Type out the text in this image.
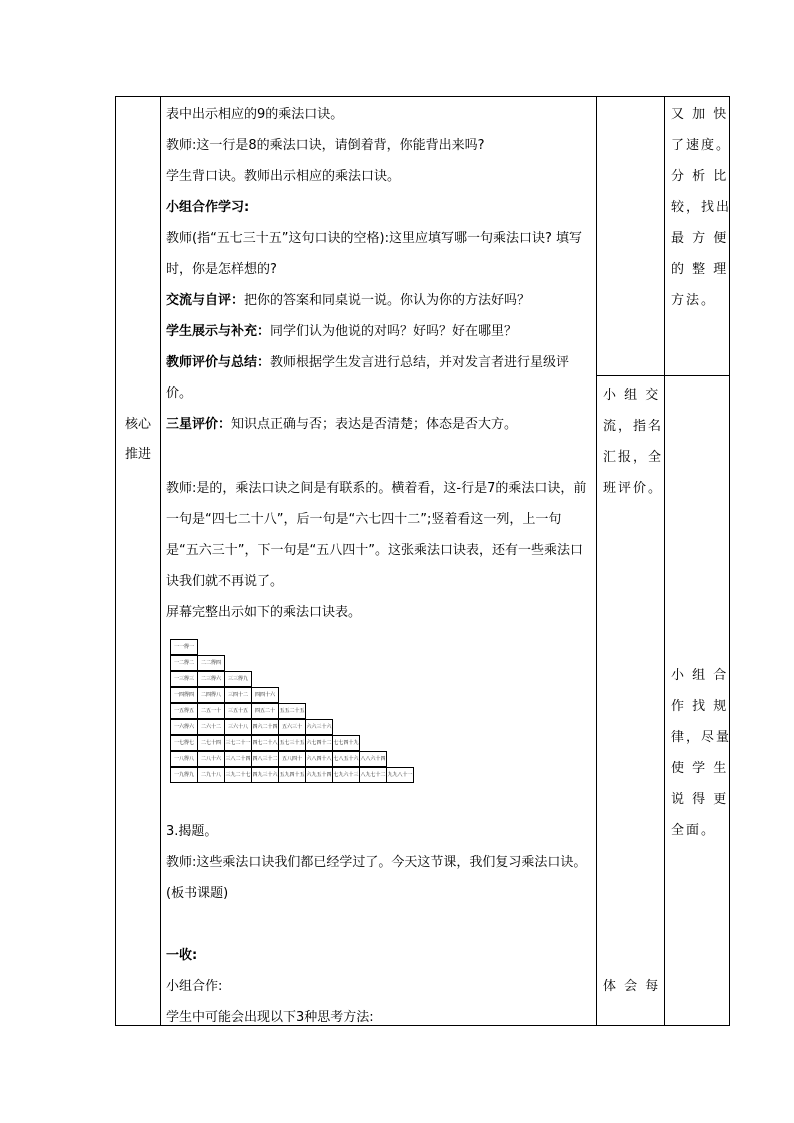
核心
推进
表中出示相应的9的乘法口诀。
教师:这一行是8的乘法口诀，请倒着背，你能背出来吗?
学生背口诀。教师出示相应的乘法口诀。
小组合作学习:
教师(指“五七三十五”这句口诀的空格):这里应填写哪一句乘法口诀? 填写时，你是怎样想的?
交流与自评：把你的答案和同桌说一说。你认为你的方法好吗？
学生展示与补充：同学们认为他说的对吗？好吗？好在哪里？
教师评价与总结：教师根据学生发言进行总结，并对发言者进行星级评价。
三星评价：知识点正确与否；表达是否清楚；体态是否大方。
教师:是的，乘法口诀之间是有联系的。横着看，这-行是7的乘法口诀，前一句是“四七二十八”，后一句是“六七四十二”;竖着看这一列，上一句是“五六三十”，下一句是“五八四十”。这张乘法口诀表，还有一些乘法口诀我们就不再说了。
屏幕完整出示如下的乘法口诀表。
3.揭题。
教师:这些乘法口诀我们都已经学过了。今天这节课，我们复习乘法口诀。(板书课题)
一收:
小组合作:
学生中可能会出现以下3种思考方法:
一一得一
一二得二	二二得四
一三得三	二三得六	三三得九
一四得四	二四得八	三四十二	四四十六
一五得五	二五一十	三五十五	四五二十 五五二十五
一六得六	二六十二	三六十八 四六二十四 五六三十 六六三十六
一七得七	二七十四 三七二十一 四七二十八 五七三十五 六七四十二 七七四十九
一八得八	二八十六 三八二十四 四八三十二 五八四十 六八四十八 七八五十六 八八六十四
一九得九	二九十八 三九二十七 四九三十六 五九四十五 六九五十四 七九六十三 八九七十二 九九八十一
小 组 交
流，指名
汇报，全
班评价。
体 会 每
又 加 快
了速度。
分 析 比
较，找出
最 方 便
的 整 理
方法。
小 组 合
作 找 规
律，尽量
使 学 生
说 得 更
全面。
